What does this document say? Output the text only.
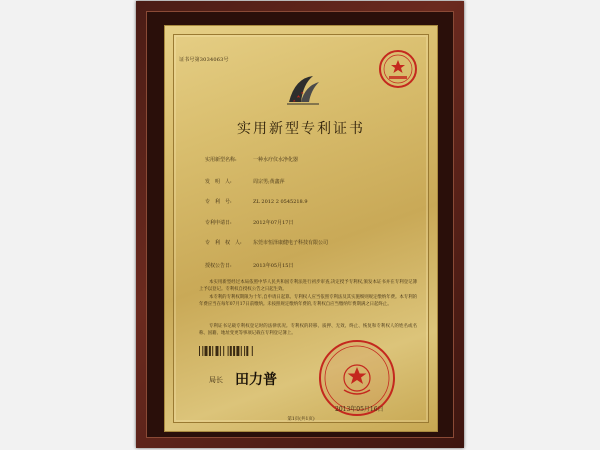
证书号第3034063号
实用新型专利证书
实用新型名称:	一种水疗仪水净化器
发　明　人:	周宗男;黄鑫萍
专　利　号:	ZL 2012 2 0545218.9
专利申请日:	2012年07月17日
专　利　权　人: 东莞市恒泽康健电子科技有限公司
授权公告日:	2013年05月15日
本实用新型经过本局依照中华人民共和国专利法进行初步审查,决定授予专利权,颁发本证书并在专利登记簿上予以登记。专利权自授权公告之日起生效。
本专利的专利权期限为十年,自申请日起算。专利权人应当依照专利法及其实施细则规定缴纳年费。本专利的年费应当在每年07月17日前缴纳。未按照规定缴纳年费的,专利权自应当缴纳年费期满之日起终止。
专利证书记载专利权登记时的法律状况。专利权的转移、质押、无效、终止、恢复和专利权人的姓名或名称、国籍、地址变更等事项记载在专利登记簿上。
局长 田力普
2013年05月16日
第1页(共1页)
